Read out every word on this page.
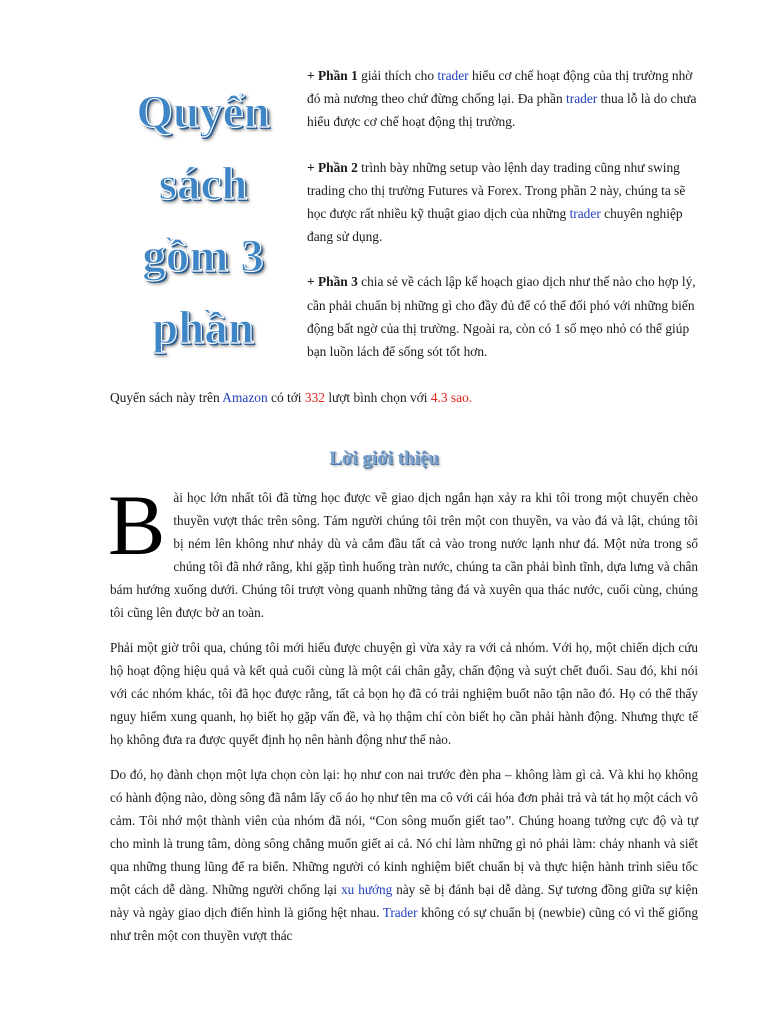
Quyển
sách
gồm 3
phần

+ Phần 1 giải thích cho trader hiểu cơ chế hoạt động của thị trường nhờ đó mà nương theo chứ đừng chống lại. Đa phần trader thua lỗ là do chưa hiểu được cơ chế hoạt động thị trường.

+ Phần 2 trình bày những setup vào lệnh day trading cũng như swing trading cho thị trường Futures và Forex. Trong phần 2 này, chúng ta sẽ học được rất nhiều kỹ thuật giao dịch của những trader chuyên nghiệp đang sử dụng.

+ Phần 3 chia sẻ về cách lập kế hoạch giao dịch như thế nào cho hợp lý, cần phải chuẩn bị những gì cho đầy đủ để có thể đối phó với những biến động bất ngờ của thị trường. Ngoài ra, còn có 1 số mẹo nhỏ có thể giúp bạn luồn lách để sống sót tốt hơn.

Quyển sách này trên Amazon có tới 332 lượt bình chọn với 4.3 sao.
Lời giới thiệu

Bài học lớn nhất tôi đã từng học được về giao dịch ngắn hạn xảy ra khi tôi trong một chuyến chèo thuyền vượt thác trên sông. Tám người chúng tôi trên một con thuyền, va vào đá và lật, chúng tôi bị ném lên không như nhảy dù và cắm đầu tất cả vào trong nước lạnh như đá. Một nửa trong số chúng tôi đã nhớ rằng, khi gặp tình huống tràn nước, chúng ta cần phải bình tĩnh, dựa lưng và chân bám hướng xuống dưới. Chúng tôi trượt vòng quanh những tảng đá và xuyên qua thác nước, cuối cùng, chúng tôi cũng lên được bờ an toàn.

Phải một giờ trôi qua, chúng tôi mới hiểu được chuyện gì vừa xảy ra với cả nhóm. Với họ, một chiến dịch cứu hộ hoạt động hiệu quả và kết quả cuối cùng là một cái chân gẫy, chấn động và suýt chết đuối. Sau đó, khi nói với các nhóm khác, tôi đã học được rằng, tất cả bọn họ đã có trải nghiệm buốt não tận não đó. Họ có thể thấy nguy hiểm xung quanh, họ biết họ gặp vấn đề, và họ thậm chí còn biết họ cần phải hành động. Nhưng thực tế họ không đưa ra được quyết định họ nên hành động như thế nào.

Do đó, họ đành chọn một lựa chọn còn lại: họ như con nai trước đèn pha – không làm gì cả. Và khi họ không có hành động nào, dòng sông đã nắm lấy cổ áo họ như tên ma cô với cái hóa đơn phải trả và tát họ một cách vô cảm. Tôi nhớ một thành viên của nhóm đã nói, “Con sông muốn giết tao”. Chúng hoang tưởng cực độ và tự cho mình là trung tâm, dòng sông chẳng muốn giết ai cả. Nó chỉ làm những gì nó phải làm: chảy nhanh và siết qua những thung lũng để ra biển. Những người có kinh nghiệm biết chuẩn bị và thực hiện hành trình siêu tốc một cách dễ dàng. Những người chống lại xu hướng này sẽ bị đánh bại dễ dàng. Sự tương đồng giữa sự kiện này và ngày giao dịch điển hình là giống hệt nhau. Trader không có sự chuẩn bị (newbie) cũng có vì thế giống như trên một con thuyền vượt thác
